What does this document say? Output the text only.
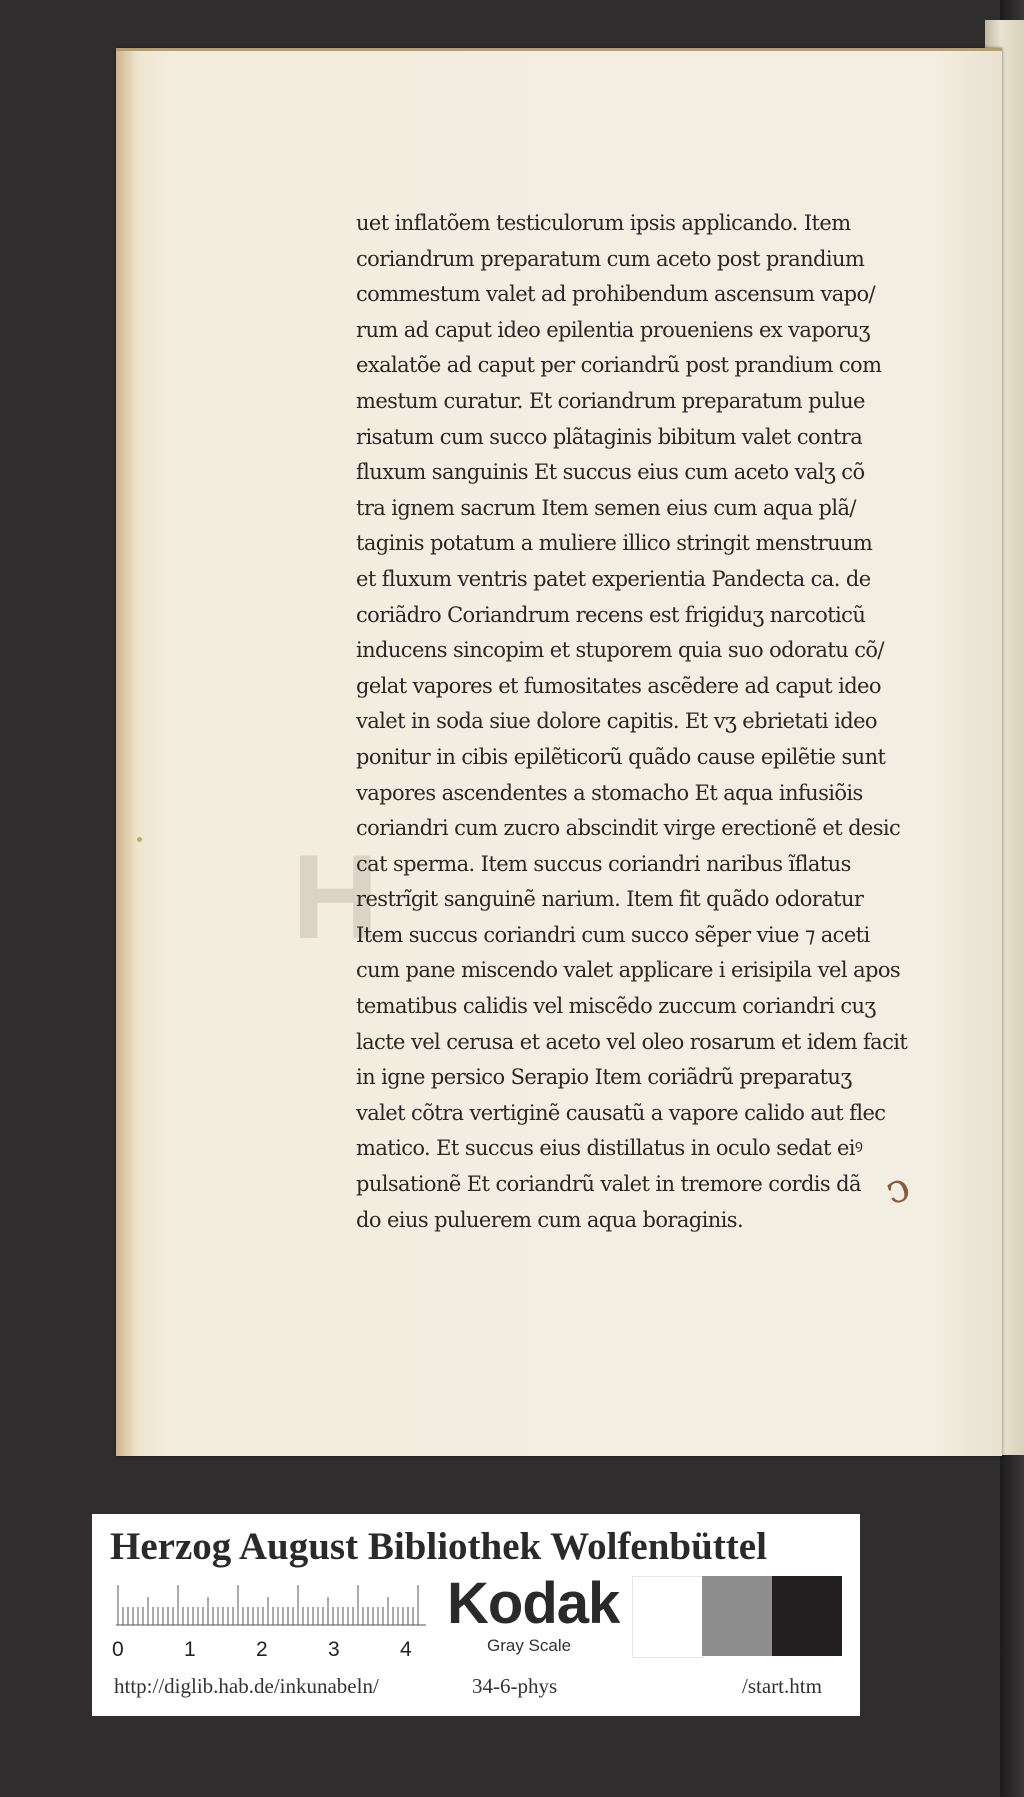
H
uet inflatõem testiculorum ipsis applicando. Item
coriandrum preparatum cum aceto post prandium
commestum valet ad prohibendum ascensum vapo/
rum ad caput ideo epilentia proueniens ex vaporuʒ
exalatõe ad caput per coriandrũ post prandium com
mestum curatur. Et coriandrum preparatum pulue
risatum cum succo plãtaginis bibitum valet contra
fluxum sanguinis Et succus eius cum aceto valʒ cõ
tra ignem sacrum Item semen eius cum aqua plã/
taginis potatum a muliere illico stringit menstruum
et fluxum ventris patet experientia Pandecta ca. de
coriãdro Coriandrum recens est frigiduʒ narcoticũ
inducens sincopim et stuporem quia suo odoratu cõ/
gelat vapores et fumositates ascẽdere ad caput ideo
valet in soda siue dolore capitis. Et vʒ ebrietati ideo
ponitur in cibis epilẽticorũ quãdo cause epilẽtie sunt
vapores ascendentes a stomacho Et aqua infusiõis
coriandri cum zucro abscindit virge erectionẽ et desic
cat sperma. Item succus coriandri naribus ĩflatus
restrĩgit sanguinẽ narium. Item fit quãdo odoratur
Item succus coriandri cum succo sẽper viue ⁊ aceti
cum pane miscendo valet applicare i erisipila vel apos
tematibus calidis vel miscẽdo zuccum coriandri cuʒ
lacte vel cerusa et aceto vel oleo rosarum et idem facit
in igne persico Serapio Item coriãdrũ preparatuʒ
valet cõtra vertiginẽ causatũ a vapore calido aut flec
matico. Et succus eius distillatus in oculo sedat eiꝰ
pulsationẽ Et coriandrũ valet in tremore cordis dã
do eius puluerem cum aqua boraginis.
ↄ
Herzog August Bibliothek Wolfenbüttel
0	1	2	3	4
Kodak
Gray Scale
http://diglib.hab.de/inkunabeln/	34-6-phys	/start.htm
